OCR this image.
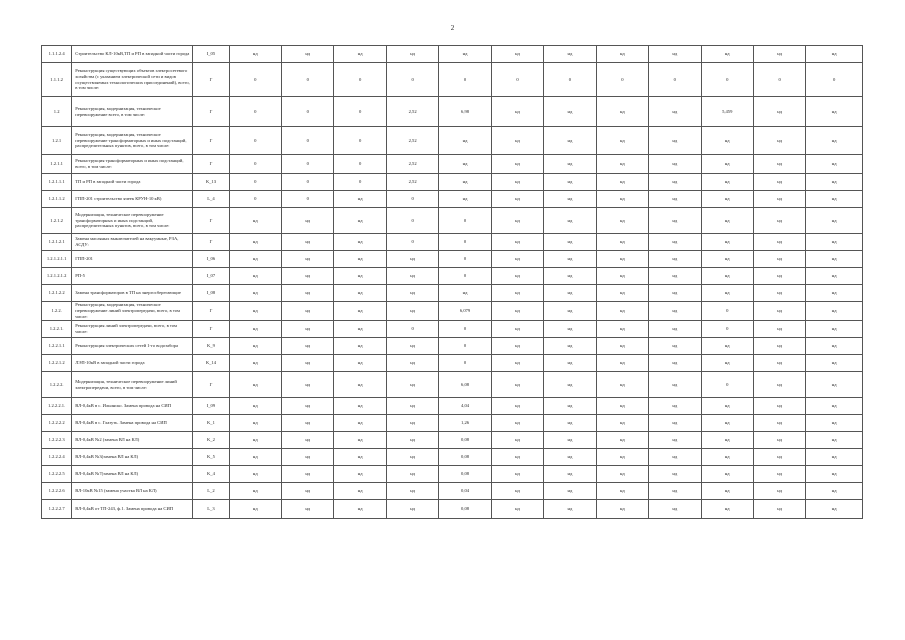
2
1.1.1.2.4	Строительство КЛ-10кВ,ТП и РП в западной части города	I_05	нд	нд	нд	нд	нд	нд	нд	нд	нд	нд	нд	нд
1.1.1.2	Реконструкция существующих объектов электросетевого хозяйства (с указанием электрической сети и видов осуществляемых технологических присоединений), всего, в том числе:	Г	0	0	0	0	0	0	0	0	0	0	0	0
1.2	Реконструкция, модернизация, техническое перевооружение всего, в том числе:	Г	0	0	0	2,52	6,98	нд	нд	нд	нд	5,459	нд	нд
1.2.1	Реконструкция, модернизация, техническое перевооружение трансформаторных и иных подстанций, распределительных пунктов, всего, в том числе:	Г	0	0	0	2,52	нд	нд	нд	нд	нд	нд	нд	нд
1.2.1.1	Реконструкция трансформаторных и иных подстанций, всего, в том числе:	Г	0	0	0	2,52	нд	нд	нд	нд	нд	нд	нд	нд
1.2.1.1.1	ТП и РП в западной части города	K_13	0	0	0	2,52	нд	нд	нд	нд	нд	нд	нд	нд
1.2.1.1.2	ГПП-201 строительство ячеек КРУН-10 кВ)	L_4	0	0	нд	0	нд	нд	нд	нд	нд	нд	нд	нд
1.2.1.2	Модернизация, техническое перевооружение трансформаторных и иных подстанций, распределительных пунктов, всего, в том числе:	Г	нд	нд	нд	0	0	нд	нд	нд	нд	нд	нд	нд
1.2.1.2.1	Замена масляных выключателей на вакуумные, РЗА, АСДУ:	Г	нд	нд	нд	0	0	нд	нд	нд	нд	нд	нд	нд
1.2.1.2.1.1	ГПП-201	I_06	нд	нд	нд	нд	0	нд	нд	нд	нд	нд	нд	нд
1.2.1.2.1.2	РП-5	I_07	нд	нд	нд	нд	0	нд	нд	нд	нд	нд	нд	нд
1.2.1.2.2	Замена трансформаторов в ТП на энергосберегающие	I_08	нд	нд	нд	нд	нд	нд	нд	нд	нд	нд	нд	нд
1.2.2.	Реконструкция, модернизация, техническое перевооружение линий электропередачи, всего, в том числе:	Г	нд	нд	нд	нд	6,079	нд	нд	нд	нд	0	нд	нд
1.2.2.1.	Реконструкция линий электропередачи, всего, в том числе:	Г	нд	нд	нд	0	0	нд	нд	нд	нд	0	нд	нд
1.2.2.1.1	Реконструкция электрических сетей 1-го водозабора	K_9	нд	нд	нд	нд	0	нд	нд	нд	нд	нд	нд	нд
1.2.2.1.2	ЛЭП-10кВ в западной части города	K_14	нд	нд	нд	нд	0	нд	нд	нд	нд	нд	нд	нд
1.2.2.2.	Модернизация, техническое перевооружение линий электропередачи, всего, в том числе:	Г	нд	нд	нд	нд	6,08	нд	нд	нд	нд	0	нд	нд
1.2.2.2.1.	ВЛ-0,4кВ в с. Ильинско. Замена провода на СИП	I_09	нд	нд	нд	нд	4,04	нд	нд	нд	нд	нд	нд	нд
1.2.2.2.2	ВЛ-0,4кВ в с. Глазуть. Замена провода на СИП	K_1	нд	нд	нд	нд	1,26	нд	нд	нд	нд	нд	нд	нд
1.2.2.2.3	ВЛ-0,4кВ №2 (замена ВЛ на КЛ)	K_2	нд	нд	нд	нд	0,08	нд	нд	нд	нд	нд	нд	нд
1.2.2.2.4	ВЛ-0,4кВ №3(замена ВЛ на КЛ)	K_5	нд	нд	нд	нд	0,08	нд	нд	нд	нд	нд	нд	нд
1.2.2.2.5	ВЛ-0,4кВ №7(замена ВЛ на КЛ)	K_4	нд	нд	нд	нд	0,08	нд	нд	нд	нд	нд	нд	нд
1.2.2.2.6	ВЛ-10кВ №15 (замена участка ВЛ на КЛ)	L_2	нд	нд	нд	нд	0,04	нд	нд	нд	нд	нд	нд	нд
1.2.2.2.7	ВЛ-0,4кВ от ТП-243, ф.1. Замена провода на СИП	L_3	нд	нд	нд	нд	0,08	нд	нд	нд	нд	нд	нд	нд
